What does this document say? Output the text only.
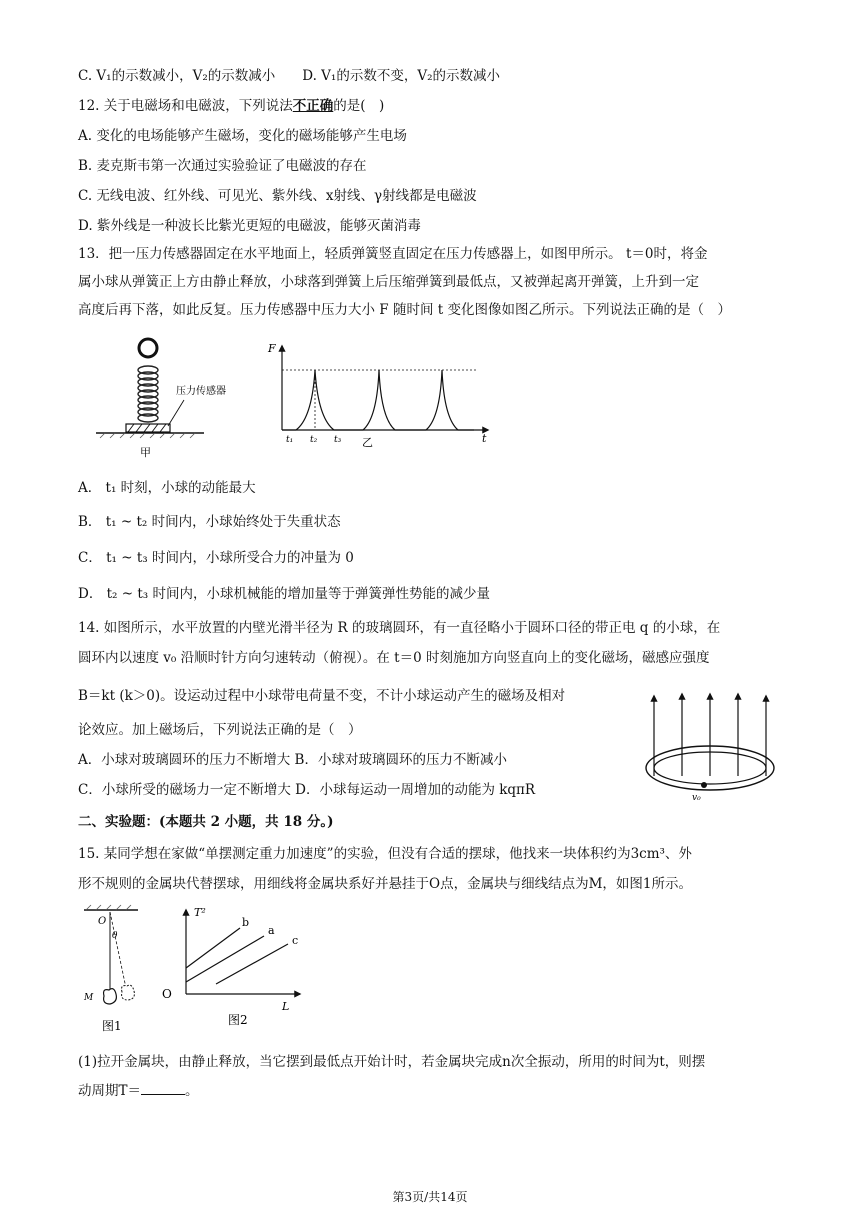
C. V₁的示数减小，V₂的示数减小　　D. V₁的示数不变，V₂的示数减小
12. 关于电磁场和电磁波，下列说法不正确的是(　)
A. 变化的电场能够产生磁场，变化的磁场能够产生电场
B. 麦克斯韦第一次通过实验验证了电磁波的存在
C. 无线电波、红外线、可见光、紫外线、x射线、γ射线都是电磁波
D. 紫外线是一种波长比紫光更短的电磁波，能够灭菌消毒
13．把一压力传感器固定在水平地面上，轻质弹簧竖直固定在压力传感器上，如图甲所示。 t＝0时，将金
属小球从弹簧正上方由静止释放，小球落到弹簧上后压缩弹簧到最低点，又被弹起离开弹簧，上升到一定
高度后再下落，如此反复。压力传感器中压力大小 F 随时间 t 变化图像如图乙所示。下列说法正确的是（　）
压力传感器
甲
F
t
t₁ t₂ t₃ 乙
A． t₁ 时刻，小球的动能最大
B． t₁ ~ t₂ 时间内，小球始终处于失重状态
C． t₁ ~ t₃ 时间内，小球所受合力的冲量为 0
D． t₂ ~ t₃ 时间内，小球机械能的增加量等于弹簧弹性势能的减少量
14. 如图所示，水平放置的内壁光滑半径为 R 的玻璃圆环，有一直径略小于圆环口径的带正电 q 的小球，在
圆环内以速度 v₀ 沿顺时针方向匀速转动（俯视）。在 t＝0 时刻施加方向竖直向上的变化磁场，磁感应强度
B＝kt (k＞0)。设运动过程中小球带电荷量不变，不计小球运动产生的磁场及相对
论效应。加上磁场后，下列说法正确的是（　）
A．小球对玻璃圆环的压力不断增大 B．小球对玻璃圆环的压力不断减小
C．小球所受的磁场力一定不断增大 D．小球每运动一周增加的动能为 kqπR	v₀
二、实验题：(本题共 2 小题，共 18 分。)
15. 某同学想在家做“单摆测定重力加速度”的实验，但没有合适的摆球，他找来一块体积约为3cm³、外
形不规则的金属块代替摆球，用细线将金属块系好并悬挂于O点，金属块与细线结点为M，如图1所示。
O
θ
M
图1
T²
L
O
b
a
c
图2
(1)拉开金属块，由静止释放，当它摆到最低点开始计时，若金属块完成n次全振动，所用的时间为t，则摆
动周期T＝	。
第3页/共14页
